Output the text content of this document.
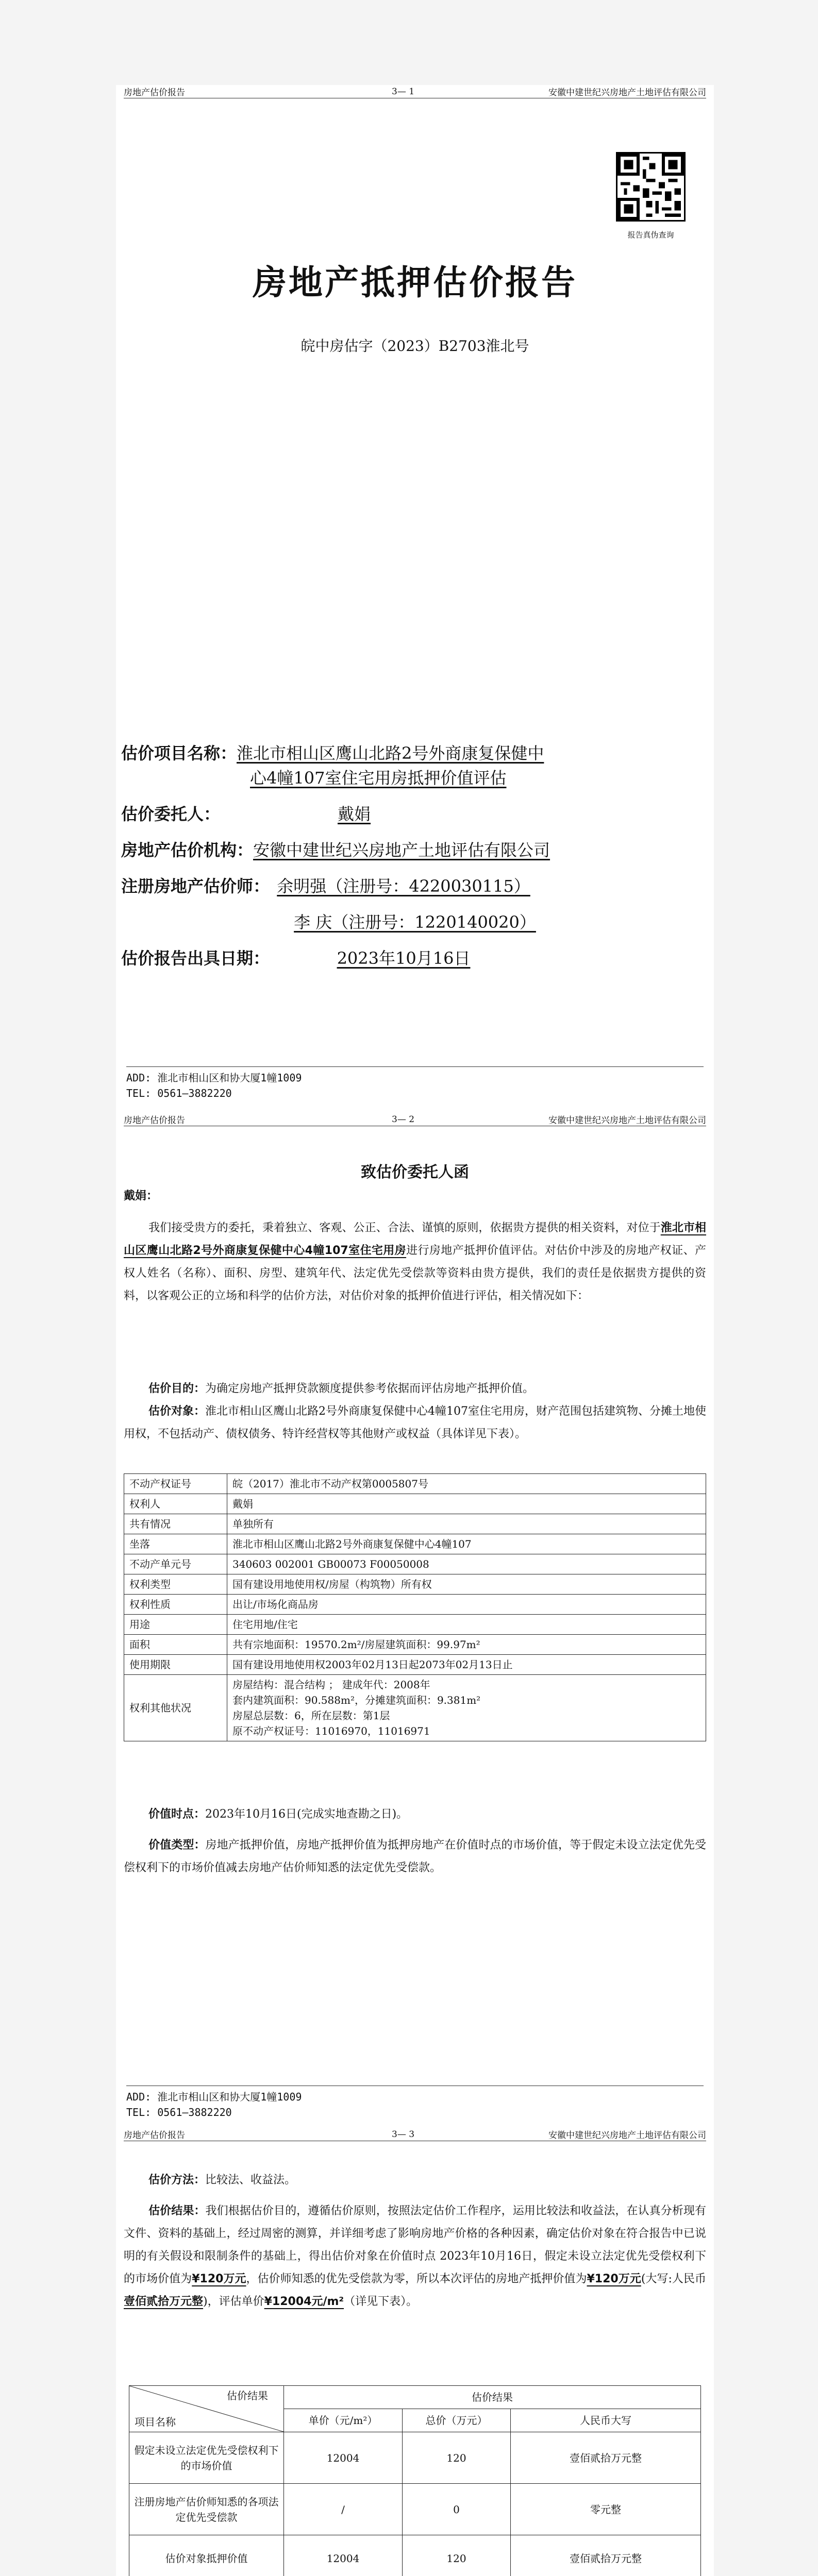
房地产估价报告	3— 1	安徽中建世纪兴房地产土地评估有限公司
报告真伪查询
房地产抵押估价报告
皖中房估字（2023）B2703淮北号
估价项目名称：淮北市相山区鹰山北路2号外商康复保健中
心4幢107室住宅用房抵押价值评估
估价委托人：	戴娟
房地产估价机构：安徽中建世纪兴房地产土地评估有限公司
注册房地产估价师： 余明强（注册号：4220030115）
李 庆（注册号：1220140020）
估价报告出具日期：	2023年10月16日
ADD: 淮北市相山区和协大厦1幢1009
TEL: 0561—3882220
房地产估价报告	3— 2	安徽中建世纪兴房地产土地评估有限公司
致估价委托人函
戴娟：
我们接受贵方的委托，秉着独立、客观、公正、合法、谨慎的原则，依据贵方提供的相关资料，对位于淮北市相山区鹰山北路2号外商康复保健中心4幢107室住宅用房进行房地产抵押价值评估。对估价中涉及的房地产权证、产权人姓名（名称）、面积、房型、建筑年代、法定优先受偿款等资料由贵方提供，我们的责任是依据贵方提供的资料，以客观公正的立场和科学的估价方法，对估价对象的抵押价值进行评估，相关情况如下：
估价目的：为确定房地产抵押贷款额度提供参考依据而评估房地产抵押价值。
估价对象：淮北市相山区鹰山北路2号外商康复保健中心4幢107室住宅用房，财产范围包括建筑物、分摊土地使用权，不包括动产、债权债务、特许经营权等其他财产或权益（具体详见下表）。
不动产权证号	皖（2017）淮北市不动产权第0005807号
权利人	戴娟
共有情况	单独所有
坐落	淮北市相山区鹰山北路2号外商康复保健中心4幢107
不动产单元号	340603 002001 GB00073 F00050008
权利类型	国有建设用地使用权/房屋（构筑物）所有权
权利性质	出让/市场化商品房
用途	住宅用地/住宅
面积	共有宗地面积：19570.2m²/房屋建筑面积：99.97m²
使用期限	国有建设用地使用权2003年02月13日起2073年02月13日止
权利其他状况	房屋结构：混合结构 ； 建成年代：2008年
套内建筑面积：90.588m²，分摊建筑面积：9.381m²
房屋总层数：6，所在层数：第1层
原不动产权证号：11016970，11016971
价值时点：2023年10月16日(完成实地查勘之日)。
价值类型：房地产抵押价值，房地产抵押价值为抵押房地产在价值时点的市场价值，等于假定未设立法定优先受偿权利下的市场价值减去房地产估价师知悉的法定优先受偿款。
ADD: 淮北市相山区和协大厦1幢1009
TEL: 0561—3882220
房地产估价报告	3— 3	安徽中建世纪兴房地产土地评估有限公司
估价方法：比较法、收益法。
估价结果：我们根据估价目的，遵循估价原则，按照法定估价工作程序，运用比较法和收益法，在认真分析现有文件、资料的基础上，经过周密的测算，并详细考虑了影响房地产价格的各种因素，确定估价对象在符合报告中已说明的有关假设和限制条件的基础上，得出估价对象在价值时点 2023年10月16日，假定未设立法定优先受偿权利下的市场价值为¥120万元，估价师知悉的优先受偿款为零，所以本次评估的房地产抵押价值为¥120万元(大写:人民币壹佰贰拾万元整)，评估单价¥12004元/m²（详见下表）。
估价结果
项目名称	估价结果		
	单价（元/m²）	总价（万元）	人民币大写
假定未设立法定优先受偿权利下的市场价值	12004	120	壹佰贰拾万元整
注册房地产估价师知悉的各项法定优先受偿款	/	0	零元整
估价对象抵押价值	12004	120	壹佰贰拾万元整
